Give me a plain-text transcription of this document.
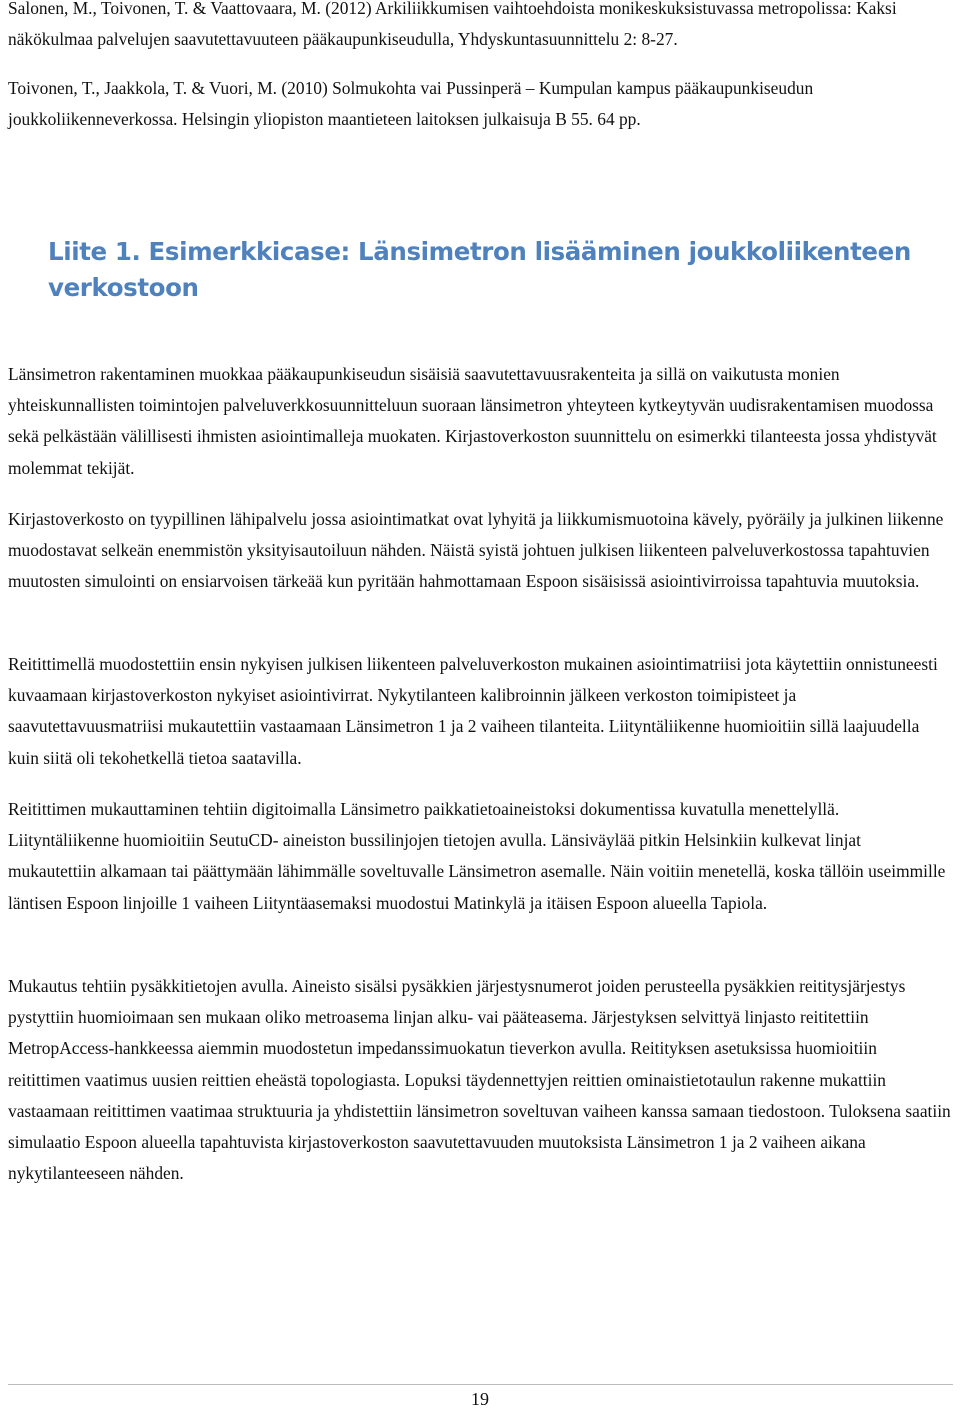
Salonen, M., Toivonen, T. & Vaattovaara, M. (2012) Arkiliikkumisen vaihtoehdoista monikeskuksistuvassa metropolissa: Kaksi näkökulmaa palvelujen saavutettavuuteen pääkaupunkiseudulla, Yhdyskuntasuunnittelu 2: 8-27.

Toivonen, T., Jaakkola, T. & Vuori, M. (2010) Solmukohta vai Pussinperä – Kumpulan kampus pääkaupunkiseudun joukkoliikenneverkossa. Helsingin yliopiston maantieteen laitoksen julkaisuja B 55. 64 pp.

Liite 1. Esimerkkicase: Länsimetron lisääminen joukkoliikenteen verkostoon

Länsimetron rakentaminen muokkaa pääkaupunkiseudun sisäisiä saavutettavuusrakenteita ja sillä on vaikutusta monien yhteiskunnallisten toimintojen palveluverkkosuunnitteluun suoraan länsimetron yhteyteen kytkeytyvän uudisrakentamisen muodossa sekä pelkästään välillisesti ihmisten asiointimalleja muokaten. Kirjastoverkoston suunnittelu on esimerkki tilanteesta jossa yhdistyvät molemmat tekijät.

Kirjastoverkosto on tyypillinen lähipalvelu jossa asiointimatkat ovat lyhyitä ja liikkumismuotoina kävely, pyöräily ja julkinen liikenne muodostavat selkeän enemmistön yksityisautoiluun nähden. Näistä syistä johtuen julkisen liikenteen palveluverkostossa tapahtuvien muutosten simulointi on ensiarvoisen tärkeää kun pyritään hahmottamaan Espoon sisäisissä asiointivirroissa tapahtuvia muutoksia.

Reitittimellä muodostettiin ensin nykyisen julkisen liikenteen palveluverkoston mukainen asiointimatriisi jota käytettiin onnistuneesti kuvaamaan kirjastoverkoston nykyiset asiointivirrat. Nykytilanteen kalibroinnin jälkeen verkoston toimipisteet ja saavutettavuusmatriisi mukautettiin vastaamaan Länsimetron 1 ja 2 vaiheen tilanteita. Liityntäliikenne huomioitiin sillä laajuudella kuin siitä oli tekohetkellä tietoa saatavilla.

Reitittimen mukauttaminen tehtiin digitoimalla Länsimetro paikkatietoaineistoksi dokumentissa kuvatulla menettelyllä. Liityntäliikenne huomioitiin SeutuCD- aineiston bussilinjojen tietojen avulla. Länsiväylää pitkin Helsinkiin kulkevat linjat mukautettiin alkamaan tai päättymään lähimmälle soveltuvalle Länsimetron asemalle. Näin voitiin menetellä, koska tällöin useimmille läntisen Espoon linjoille 1 vaiheen Liityntäasemaksi muodostui Matinkylä ja itäisen Espoon alueella Tapiola.

Mukautus tehtiin pysäkkitietojen avulla. Aineisto sisälsi pysäkkien järjestysnumerot joiden perusteella pysäkkien reititysjärjestys pystyttiin huomioimaan sen mukaan oliko metroasema linjan alku- vai pääteasema. Järjestyksen selvittyä linjasto reititettiin MetropAccess-hankkeessa aiemmin muodostetun impedanssimuokatun tieverkon avulla. Reitityksen asetuksissa huomioitiin reitittimen vaatimus uusien reittien eheästä topologiasta. Lopuksi täydennettyjen reittien ominaistietotaulun rakenne mukattiin vastaamaan reitittimen vaatimaa struktuuria ja yhdistettiin länsimetron soveltuvan vaiheen kanssa samaan tiedostoon. Tuloksena saatiin simulaatio Espoon alueella tapahtuvista kirjastoverkoston saavutettavuuden muutoksista Länsimetron 1 ja 2 vaiheen aikana nykytilanteeseen nähden.

19
